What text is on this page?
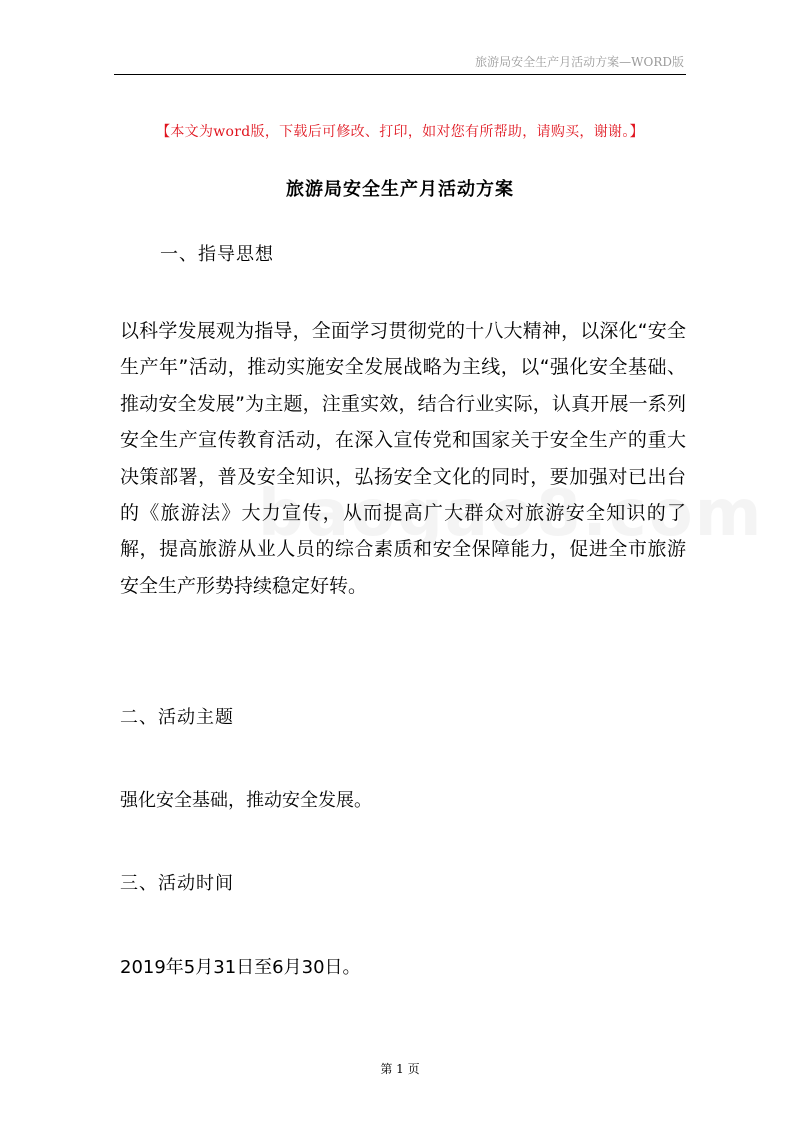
旅游局安全生产月活动方案—WORD版
【本文为word版，下载后可修改、打印，如对您有所帮助，请购买，谢谢。】
旅游局安全生产月活动方案
一、指导思想
以科学发展观为指导，全面学习贯彻党的十八大精神，以深化“安全生产年”活动，推动实施安全发展战略为主线，以“强化安全基础、推动安全发展”为主题，注重实效，结合行业实际，认真开展一系列安全生产宣传教育活动，在深入宣传党和国家关于安全生产的重大决策部署，普及安全知识，弘扬安全文化的同时，要加强对已出台的《旅游法》大力宣传，从而提高广大群众对旅游安全知识的了解，提高旅游从业人员的综合素质和安全保障能力，促进全市旅游安全生产形势持续稳定好转。
二、活动主题
强化安全基础，推动安全发展。
三、活动时间
2019年5月31日至6月30日。
第 1 页
